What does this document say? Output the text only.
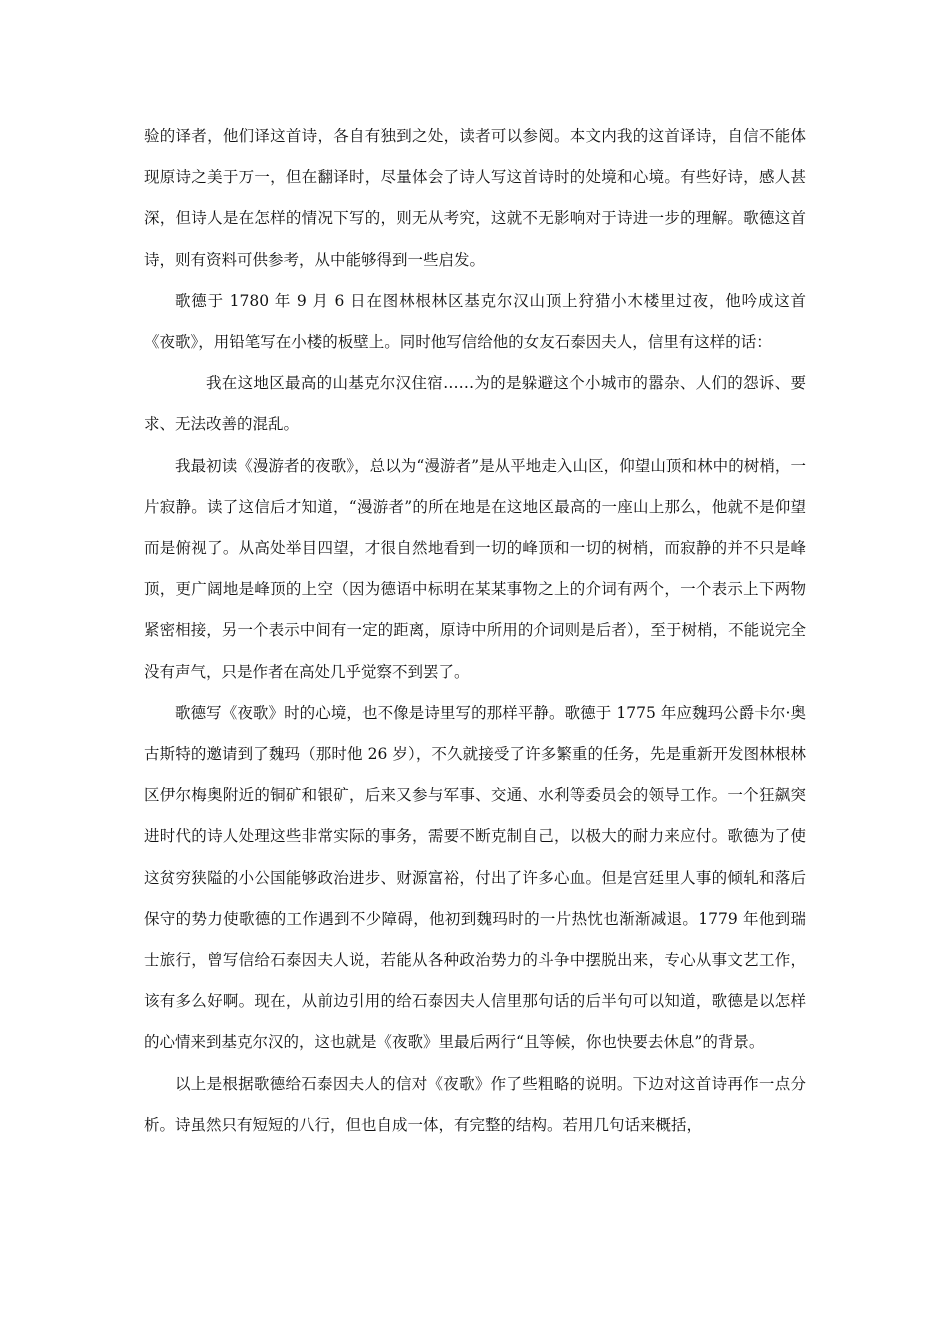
验的译者，他们译这首诗，各自有独到之处，读者可以参阅。本文内我的这首译诗，自信不能体现原诗之美于万一，但在翻译时，尽量体会了诗人写这首诗时的处境和心境。有些好诗，感人甚深，但诗人是在怎样的情况下写的，则无从考究，这就不无影响对于诗进一步的理解。歌德这首诗，则有资料可供参考，从中能够得到一些启发。

歌德于 1780 年 9 月 6 日在图林根林区基克尔汉山顶上狩猎小木楼里过夜，他吟成这首《夜歌》，用铅笔写在小楼的板壁上。同时他写信给他的女友石泰因夫人，信里有这样的话：

我在这地区最高的山基克尔汉住宿……为的是躲避这个小城市的嚣杂、人们的怨诉、要求、无法改善的混乱。

我最初读《漫游者的夜歌》，总以为“漫游者”是从平地走入山区，仰望山顶和林中的树梢，一片寂静。读了这信后才知道，“漫游者”的所在地是在这地区最高的一座山上那么，他就不是仰望而是俯视了。从高处举目四望，才很自然地看到一切的峰顶和一切的树梢，而寂静的并不只是峰顶，更广阔地是峰顶的上空（因为德语中标明在某某事物之上的介词有两个，一个表示上下两物紧密相接，另一个表示中间有一定的距离，原诗中所用的介词则是后者），至于树梢，不能说完全没有声气，只是作者在高处几乎觉察不到罢了。

歌德写《夜歌》时的心境，也不像是诗里写的那样平静。歌德于 1775 年应魏玛公爵卡尔·奥古斯特的邀请到了魏玛（那时他 26 岁），不久就接受了许多繁重的任务，先是重新开发图林根林区伊尔梅奥附近的铜矿和银矿，后来又参与军事、交通、水利等委员会的领导工作。一个狂飙突进时代的诗人处理这些非常实际的事务，需要不断克制自己，以极大的耐力来应付。歌德为了使这贫穷狭隘的小公国能够政治进步、财源富裕，付出了许多心血。但是宫廷里人事的倾轧和落后保守的势力使歌德的工作遇到不少障碍，他初到魏玛时的一片热忱也渐渐减退。1779 年他到瑞士旅行，曾写信给石泰因夫人说，若能从各种政治势力的斗争中摆脱出来，专心从事文艺工作，该有多么好啊。现在，从前边引用的给石泰因夫人信里那句话的后半句可以知道，歌德是以怎样的心情来到基克尔汉的，这也就是《夜歌》里最后两行“且等候，你也快要去休息”的背景。

以上是根据歌德给石泰因夫人的信对《夜歌》作了些粗略的说明。下边对这首诗再作一点分析。诗虽然只有短短的八行，但也自成一体，有完整的结构。若用几句话来概括，
